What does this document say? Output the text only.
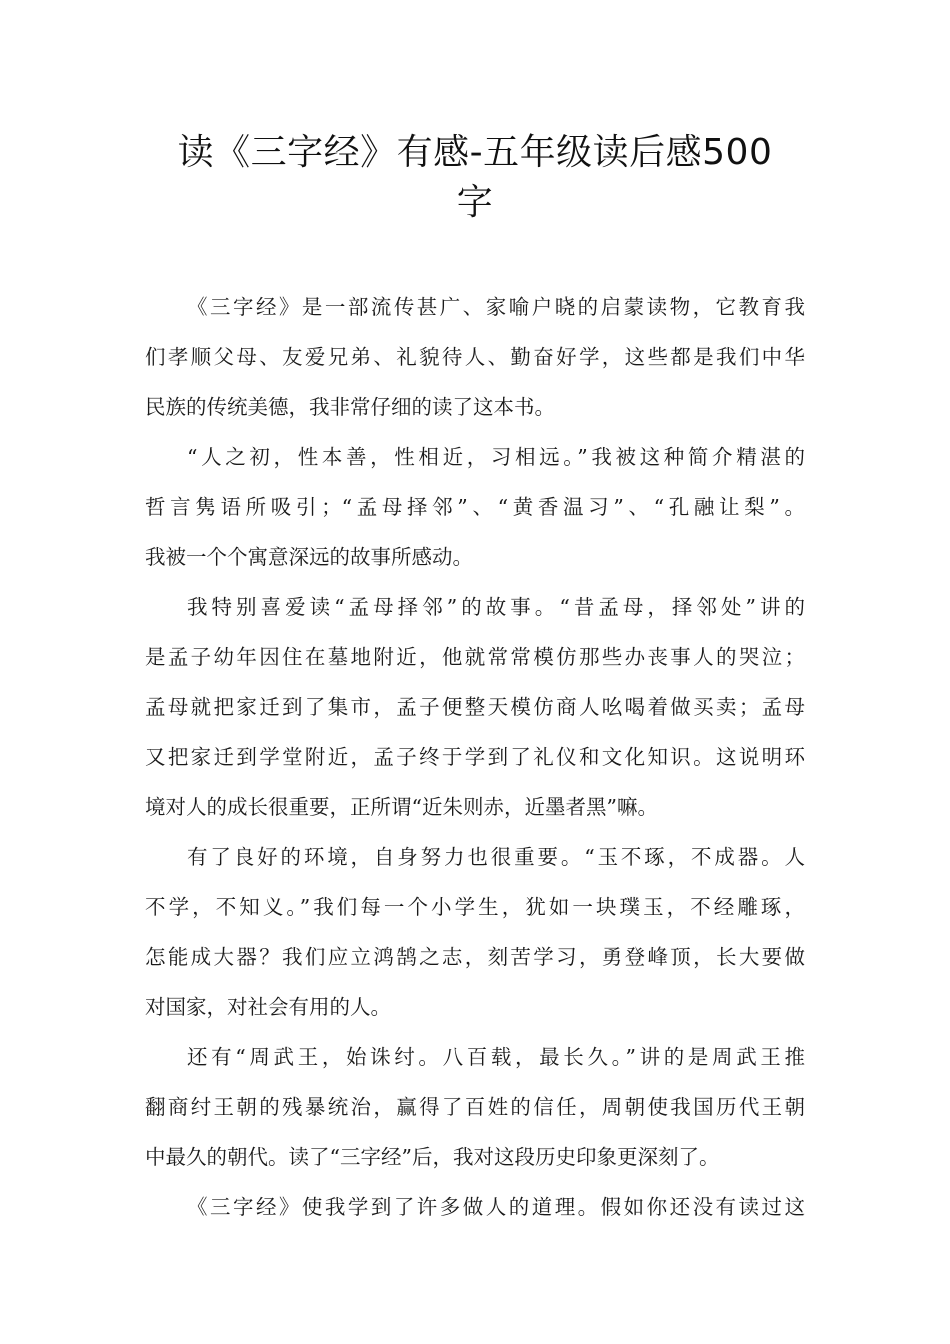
读《三字经》有感-五年级读后感500
字
《三字经》是一部流传甚广、家喻户晓的启蒙读物，它教育我
们孝顺父母、友爱兄弟、礼貌待人、勤奋好学，这些都是我们中华
民族的传统美德，我非常仔细的读了这本书。
“人之初，性本善，性相近，习相远。”我被这种简介精湛的
哲言隽语所吸引；“孟母择邻”、“黄香温习”、“孔融让梨”。
我被一个个寓意深远的故事所感动。
我特别喜爱读“孟母择邻”的故事。“昔孟母，择邻处”讲的
是孟子幼年因住在墓地附近，他就常常模仿那些办丧事人的哭泣；
孟母就把家迁到了集市，孟子便整天模仿商人吆喝着做买卖；孟母
又把家迁到学堂附近，孟子终于学到了礼仪和文化知识。这说明环
境对人的成长很重要，正所谓“近朱则赤，近墨者黑”嘛。
有了良好的环境，自身努力也很重要。“玉不琢，不成器。人
不学，不知义。”我们每一个小学生，犹如一块璞玉，不经雕琢，
怎能成大器？我们应立鸿鹄之志，刻苦学习，勇登峰顶，长大要做
对国家，对社会有用的人。
还有“周武王，始诛纣。八百载，最长久。”讲的是周武王推
翻商纣王朝的残暴统治，赢得了百姓的信任，周朝使我国历代王朝
中最久的朝代。读了“三字经”后，我对这段历史印象更深刻了。
《三字经》使我学到了许多做人的道理。假如你还没有读过这
